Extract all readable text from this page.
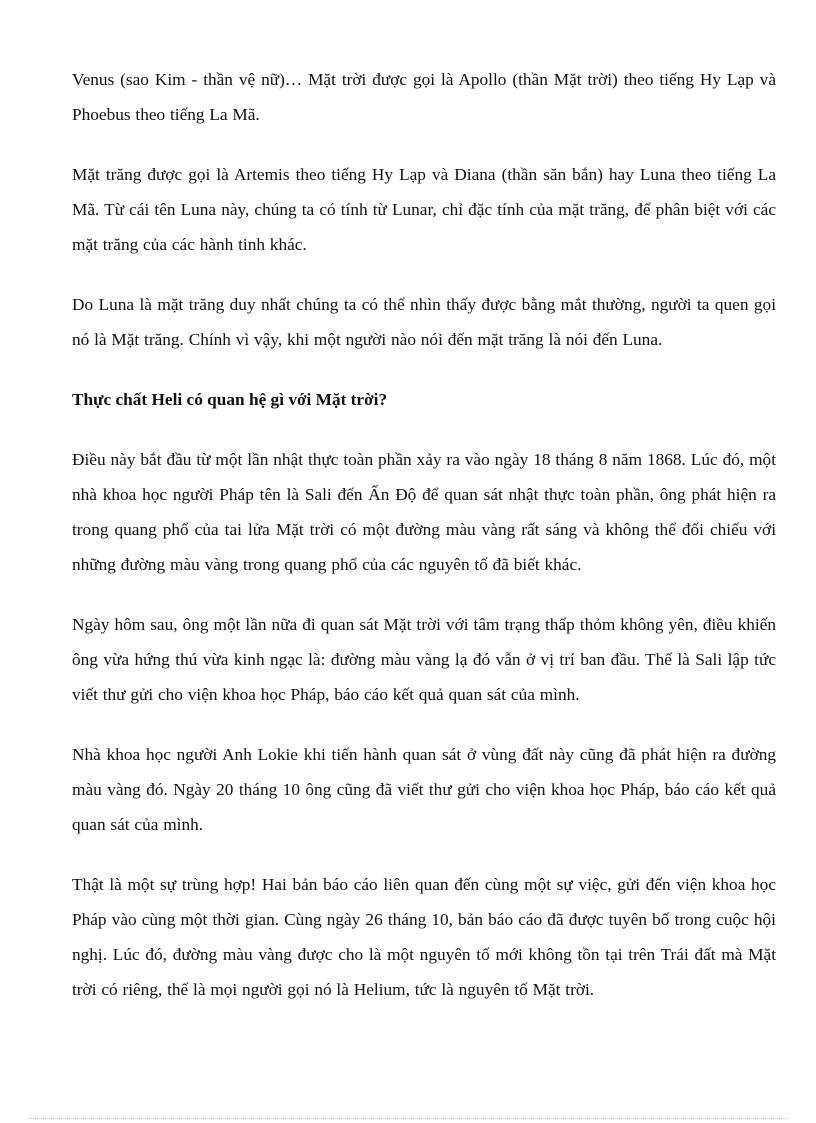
Venus (sao Kim - thần vệ nữ)… Mặt trời được gọi là Apollo (thần Mặt trời) theo tiếng Hy Lạp và Phoebus theo tiếng La Mã.

Mặt trăng được gọi là Artemis theo tiếng Hy Lạp và Diana (thần săn bắn) hay Luna theo tiếng La Mã. Từ cái tên Luna này, chúng ta có tính từ Lunar, chỉ đặc tính của mặt trăng, để phân biệt với các mặt trăng của các hành tinh khác.

Do Luna là mặt trăng duy nhất chúng ta có thể nhìn thấy được bằng mắt thường, người ta quen gọi nó là Mặt trăng. Chính vì vậy, khi một người nào nói đến mặt trăng là nói đến Luna.

Thực chất Heli có quan hệ gì với Mặt trời?

Điều này bắt đầu từ một lần nhật thực toàn phần xảy ra vào ngày 18 tháng 8 năm 1868. Lúc đó, một nhà khoa học người Pháp tên là Sali đến Ấn Độ để quan sát nhật thực toàn phần, ông phát hiện ra trong quang phổ của tai lửa Mặt trời có một đường màu vàng rất sáng và không thể đối chiếu với những đường màu vàng trong quang phổ của các nguyên tố đã biết khác.

Ngày hôm sau, ông một lần nữa đi quan sát Mặt trời với tâm trạng thấp thỏm không yên, điều khiến ông vừa hứng thú vừa kinh ngạc là: đường màu vàng lạ đó vẫn ở vị trí ban đầu. Thế là Sali lập tức viết thư gửi cho viện khoa học Pháp, báo cáo kết quả quan sát của mình.

Nhà khoa học người Anh Lokie khi tiến hành quan sát ở vùng đất này cũng đã phát hiện ra đường màu vàng đó. Ngày 20 tháng 10 ông cũng đã viết thư gửi cho viện khoa học Pháp, báo cáo kết quả quan sát của mình.

Thật là một sự trùng hợp! Hai bản báo cáo liên quan đến cùng một sự việc, gửi đến viện khoa học Pháp vào cùng một thời gian. Cùng ngày 26 tháng 10, bản báo cáo đã được tuyên bố trong cuộc hội nghị. Lúc đó, đường màu vàng được cho là một nguyên tố mới không tồn tại trên Trái đất mà Mặt trời có riêng, thế là mọi người gọi nó là Helium, tức là nguyên tố Mặt trời.
